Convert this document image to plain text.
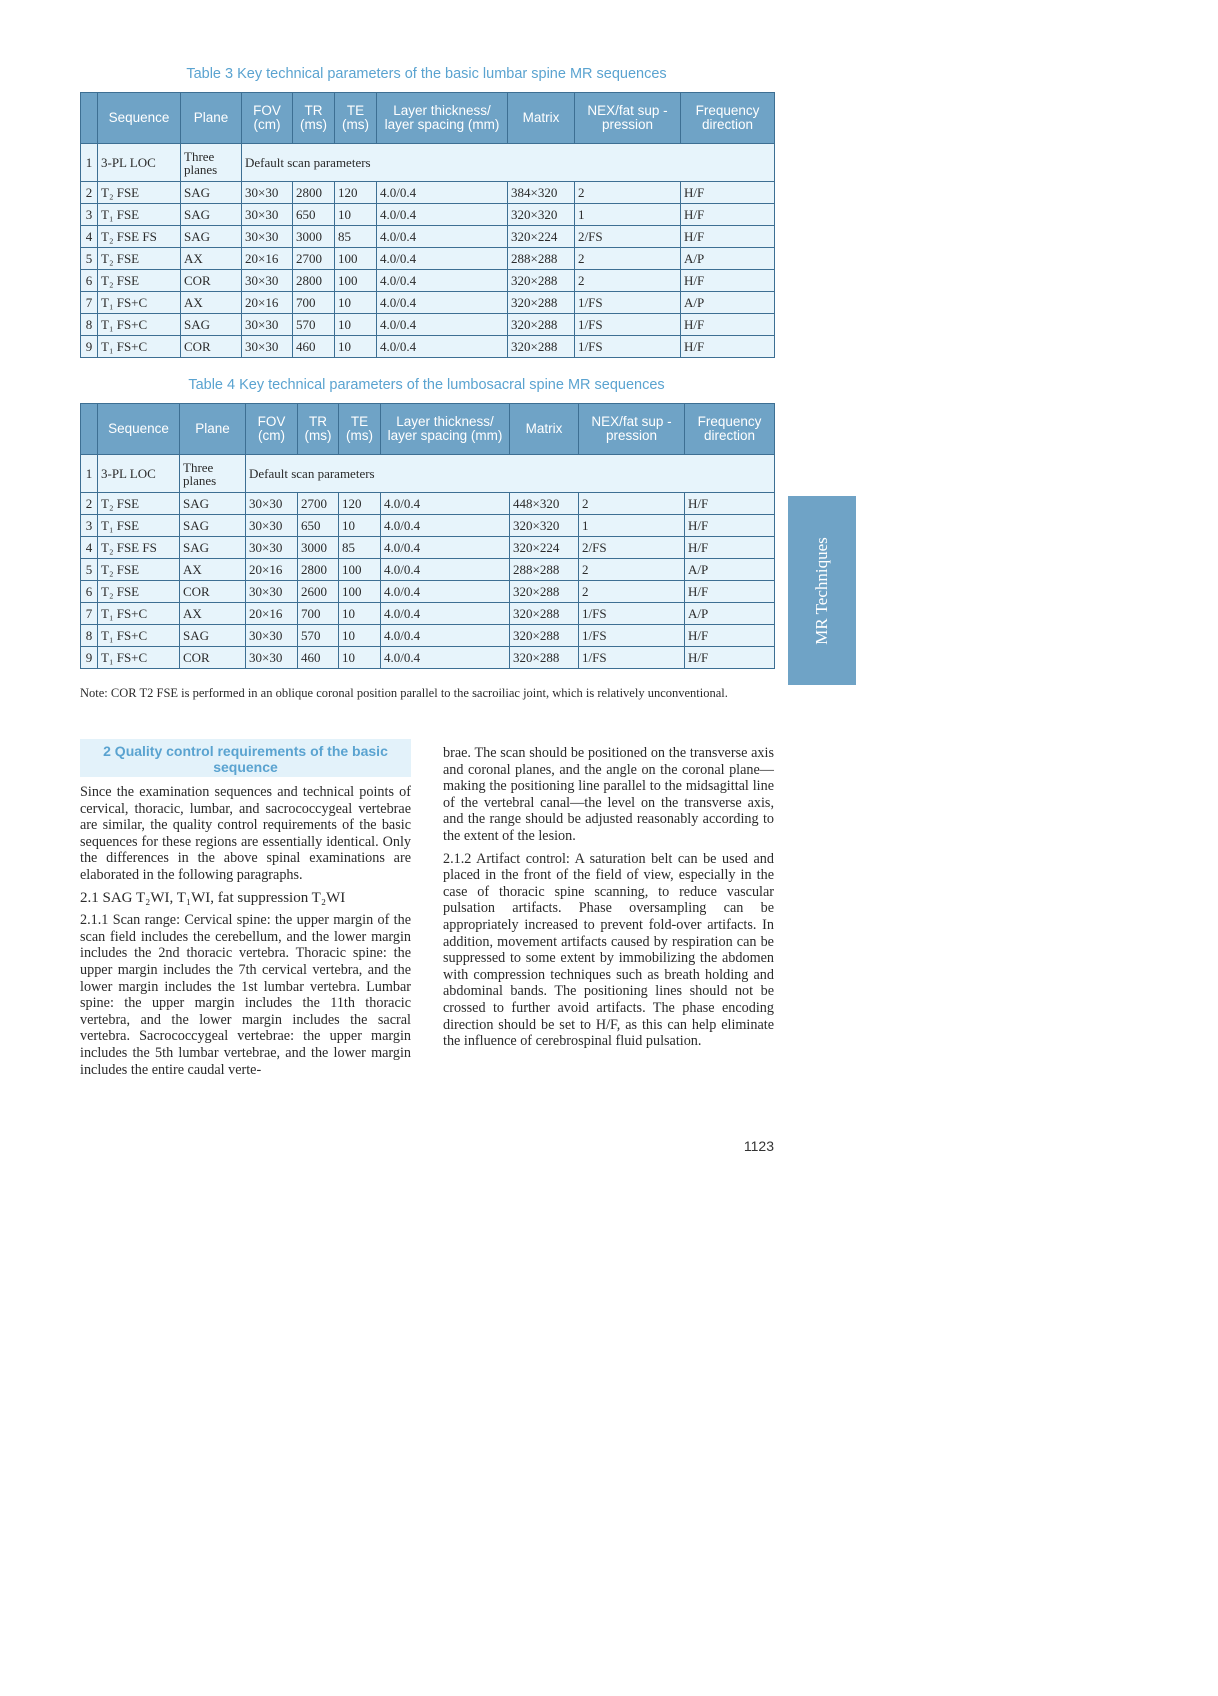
Table 3 Key technical parameters of the basic lumbar spine MR sequences
	Sequence	Plane	FOV (cm)	TR (ms)	TE (ms)	Layer thickness/ layer spacing (mm)	Matrix	NEX/fat sup - pression	Frequency direction
1	3-PL LOC	Three planes	Default scan parameters						
2	T₂ FSE	SAG	30×30	2800	120	4.0/0.4	384×320	2	H/F
3	T₁ FSE	SAG	30×30	650	10	4.0/0.4	320×320	1	H/F
4	T₂ FSE FS	SAG	30×30	3000	85	4.0/0.4	320×224	2/FS	H/F
5	T₂ FSE	AX	20×16	2700	100	4.0/0.4	288×288	2	A/P
6	T₂ FSE	COR	30×30	2800	100	4.0/0.4	320×288	2	H/F
7	T₁ FS+C	AX	20×16	700	10	4.0/0.4	320×288	1/FS	A/P
8	T₁ FS+C	SAG	30×30	570	10	4.0/0.4	320×288	1/FS	H/F
9	T₁ FS+C	COR	30×30	460	10	4.0/0.4	320×288	1/FS	H/F
Table 4 Key technical parameters of the lumbosacral spine MR sequences
	Sequence	Plane	FOV (cm)	TR (ms)	TE (ms)	Layer thickness/ layer spacing (mm)	Matrix	NEX/fat sup - pression	Frequency direction
1	3-PL LOC	Three planes	Default scan parameters						
2	T₂ FSE	SAG	30×30	2700	120	4.0/0.4	448×320	2	H/F
3	T₁ FSE	SAG	30×30	650	10	4.0/0.4	320×320	1	H/F
4	T₂ FSE FS	SAG	30×30	3000	85	4.0/0.4	320×224	2/FS	H/F
5	T₂ FSE	AX	20×16	2800	100	4.0/0.4	288×288	2	A/P
6	T₂ FSE	COR	30×30	2600	100	4.0/0.4	320×288	2	H/F
7	T₁ FS+C	AX	20×16	700	10	4.0/0.4	320×288	1/FS	A/P
8	T₁ FS+C	SAG	30×30	570	10	4.0/0.4	320×288	1/FS	H/F
9	T₁ FS+C	COR	30×30	460	10	4.0/0.4	320×288	1/FS	H/F
Note: COR T2 FSE is performed in an oblique coronal position parallel to the sacroiliac joint, which is relatively unconventional.
2 Quality control requirements of the basic sequence

Since the examination sequences and technical points of cervical, thoracic, lumbar, and sacrococcygeal vertebrae are similar, the quality control requirements of the basic sequences for these regions are essentially identical. Only the differences in the above spinal examinations are elaborated in the following paragraphs.

2.1 SAG T₂WI, T₁WI, fat suppression T₂WI

2.1.1 Scan range: Cervical spine: the upper margin of the scan field includes the cerebellum, and the lower margin includes the 2nd thoracic vertebra. Thoracic spine: the upper margin includes the 7th cervical vertebra, and the lower margin includes the 1st lumbar vertebra. Lumbar spine: the upper margin includes the 11th thoracic vertebra, and the lower margin includes the sacral vertebra. Sacrococcygeal vertebrae: the upper margin includes the 5th lumbar vertebrae, and the lower margin includes the entire caudal verte-

brae. The scan should be positioned on the transverse axis and coronal planes, and the angle on the coronal plane—making the positioning line parallel to the midsagittal line of the vertebral canal—the level on the transverse axis, and the range should be adjusted reasonably according to the extent of the lesion.

2.1.2 Artifact control: A saturation belt can be used and placed in the front of the field of view, especially in the case of thoracic spine scanning, to reduce vascular pulsation artifacts. Phase oversampling can be appropriately increased to prevent fold-over artifacts. In addition, movement artifacts caused by respiration can be suppressed to some extent by immobilizing the abdomen with compression techniques such as breath holding and abdominal bands. The positioning lines should not be crossed to further avoid artifacts. The phase encoding direction should be set to H/F, as this can help eliminate the influence of cerebrospinal fluid pulsation.

MR Techniques
1123
